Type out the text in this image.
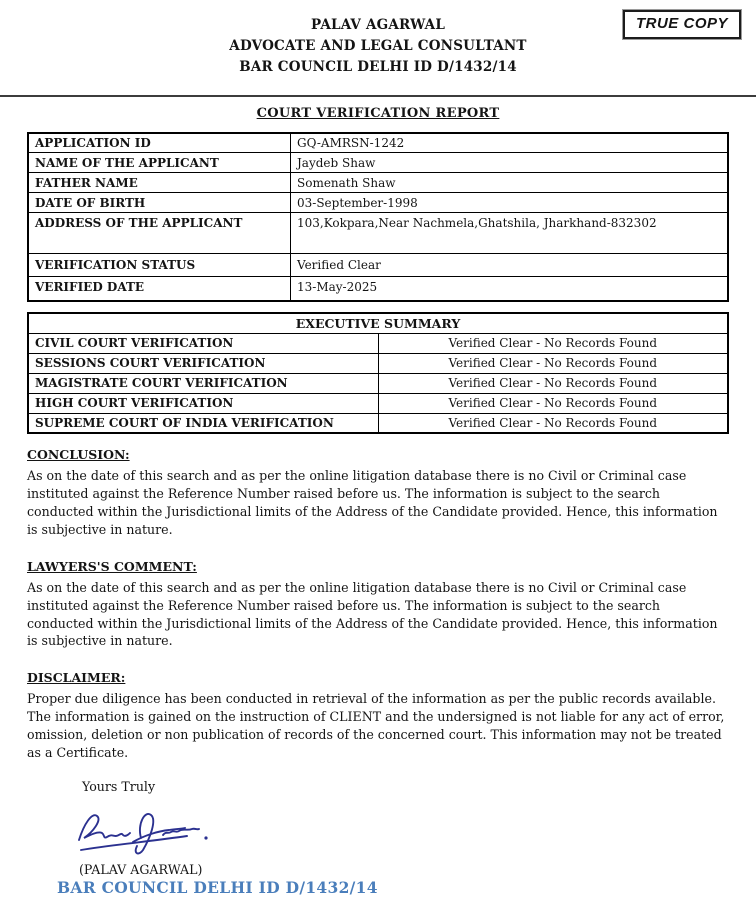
PALAV AGARWAL
ADVOCATE AND LEGAL CONSULTANT
BAR COUNCIL DELHI ID D/1432/14
TRUE COPY
COURT VERIFICATION REPORT
APPLICATION ID	GQ-AMRSN-1242
NAME OF THE APPLICANT	Jaydeb Shaw
FATHER NAME	Somenath Shaw
DATE OF BIRTH	03-September-1998
ADDRESS OF THE APPLICANT	103,Kokpara,Near Nachmela,Ghatshila, Jharkhand-832302
VERIFICATION STATUS	Verified Clear
VERIFIED DATE	13-May-2025
EXECUTIVE SUMMARY	
CIVIL COURT VERIFICATION	Verified Clear - No Records Found
SESSIONS COURT VERIFICATION	Verified Clear - No Records Found
MAGISTRATE COURT VERIFICATION	Verified Clear - No Records Found
HIGH COURT VERIFICATION	Verified Clear - No Records Found
SUPREME COURT OF INDIA VERIFICATION	Verified Clear - No Records Found
CONCLUSION:

As on the date of this search and as per the online litigation database there is no Civil or Criminal case instituted against the Reference Number raised before us. The information is subject to the search conducted within the Jurisdictional limits of the Address of the Candidate provided. Hence, this information is subjective in nature.

LAWYERS'S COMMENT:

As on the date of this search and as per the online litigation database there is no Civil or Criminal case instituted against the Reference Number raised before us. The information is subject to the search conducted within the Jurisdictional limits of the Address of the Candidate provided. Hence, this information is subjective in nature.

DISCLAIMER:

Proper due diligence has been conducted in retrieval of the information as per the public records available. The information is gained on the instruction of CLIENT and the undersigned is not liable for any act of error, omission, deletion or non publication of records of the concerned court. This information may not be treated as a Certificate.

Yours Truly
(PALAV AGARWAL)
BAR COUNCIL DELHI ID D/1432/14
